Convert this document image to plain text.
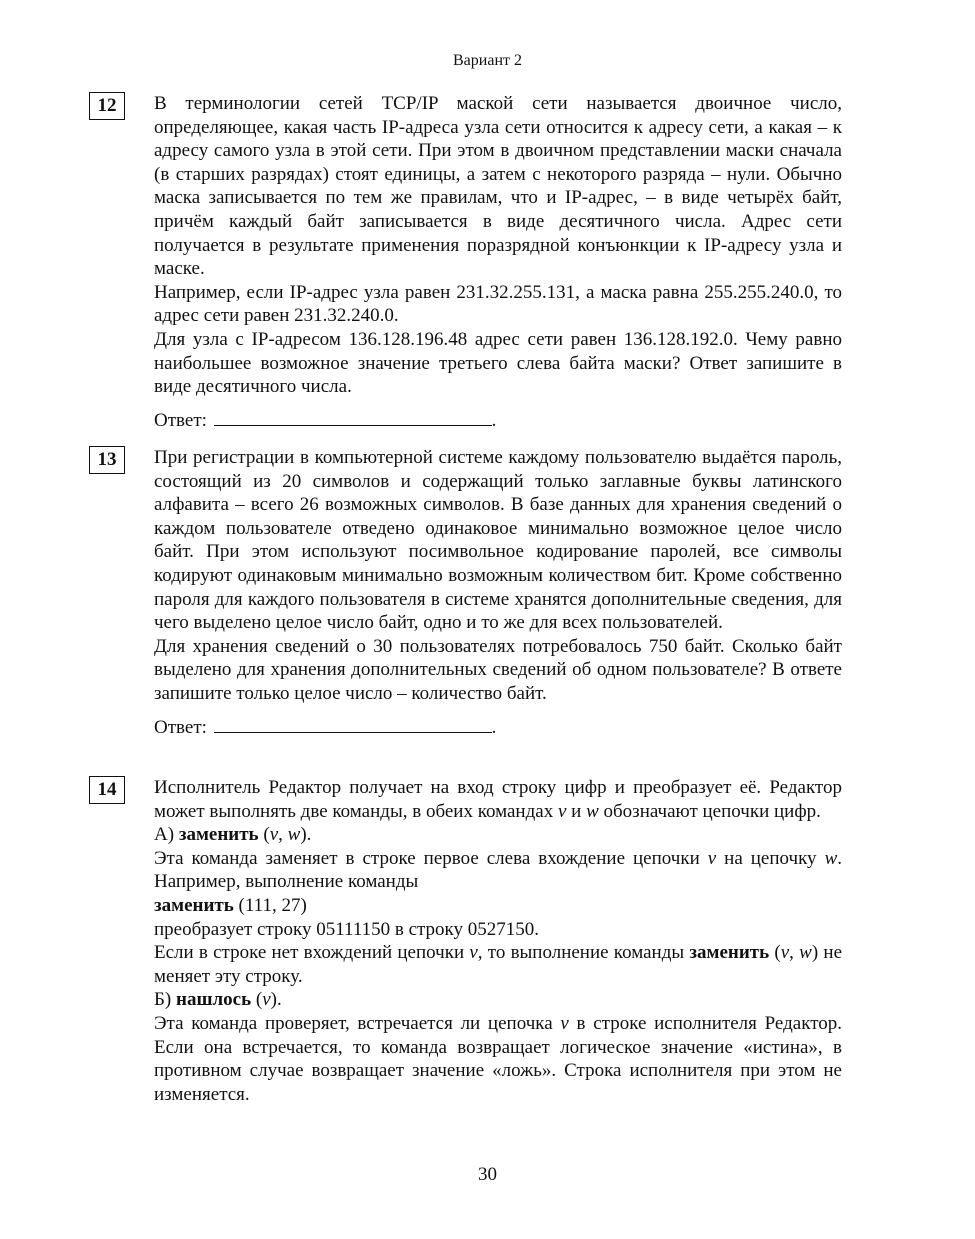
Вариант 2
12	В терминологии сетей TCP/IP маской сети называется двоичное число, определяющее, какая часть IP-адреса узла сети относится к адресу сети, а какая – к адресу самого узла в этой сети. При этом в двоичном представлении маски сначала (в старших разрядах) стоят единицы, а затем с некоторого разряда – нули. Обычно маска записывается по тем же правилам, что и IP-адрес, – в виде четырёх байт, причём каждый байт записывается в виде десятичного числа. Адрес сети получается в результате применения поразрядной конъюнкции к IP-адресу узла и маске.

Например, если IP-адрес узла равен 231.32.255.131, а маска равна 255.255.240.0, то адрес сети равен 231.32.240.0.

Для узла с IP-адресом 136.128.196.48 адрес сети равен 136.128.192.0. Чему равно наибольшее возможное значение третьего слева байта маски? Ответ запишите в виде десятичного числа.

Ответ:	.

13	При регистрации в компьютерной системе каждому пользователю выдаётся пароль, состоящий из 20 символов и содержащий только заглавные буквы латинского алфавита – всего 26 возможных символов. В базе данных для хранения сведений о каждом пользователе отведено одинаковое минимально возможное целое число байт. При этом используют посимвольное кодирование паролей, все символы кодируют одинаковым минимально возможным количеством бит. Кроме собственно пароля для каждого пользователя в системе хранятся дополнительные сведения, для чего выделено целое число байт, одно и то же для всех пользователей.

Для хранения сведений о 30 пользователях потребовалось 750 байт. Сколько байт выделено для хранения дополнительных сведений об одном пользователе? В ответе запишите только целое число – количество байт.

Ответ:	.

14	Исполнитель Редактор получает на вход строку цифр и преобразует её. Редактор может выполнять две команды, в обеих командах v и w обозначают цепочки цифр.

А) заменить (v, w).

Эта команда заменяет в строке первое слева вхождение цепочки v на цепочку w. Например, выполнение команды

заменить (111, 27)

преобразует строку 05111150 в строку 0527150.

Если в строке нет вхождений цепочки v, то выполнение команды заменить (v, w) не меняет эту строку.

Б) нашлось (v).

Эта команда проверяет, встречается ли цепочка v в строке исполнителя Редактор. Если она встречается, то команда возвращает логическое значение «истина», в противном случае возвращает значение «ложь». Строка исполнителя при этом не изменяется.

30
